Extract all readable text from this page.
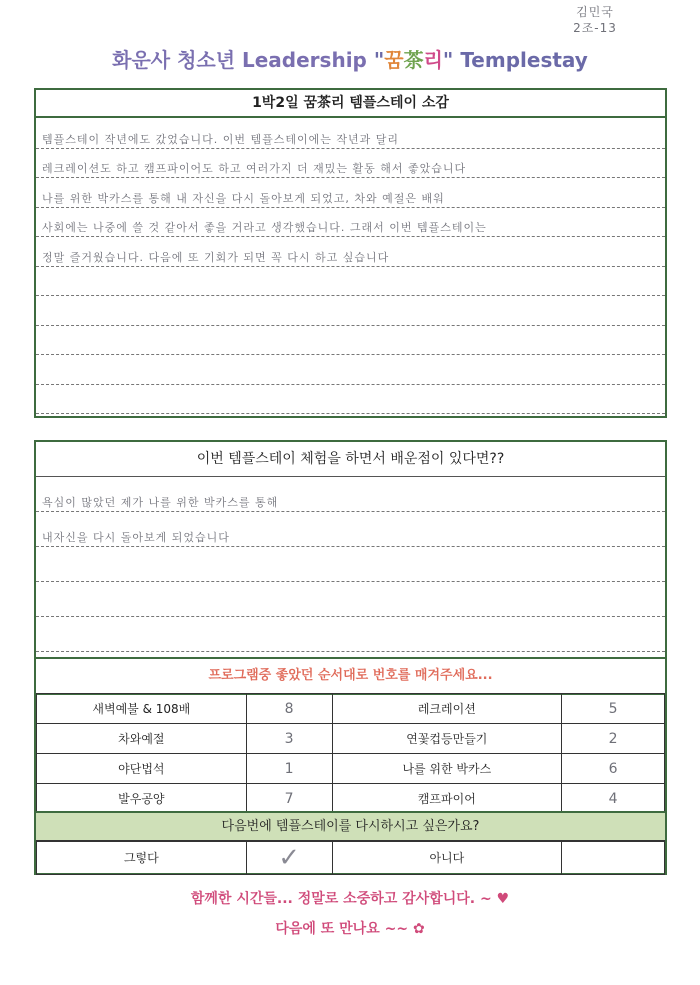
김민국
2조-13
화운사 청소년 Leadership "꿈茶리" Templestay
1박2일 꿈茶리 템플스테이 소감
템플스테이 작년에도 갔었습니다. 이번 템플스테이에는 작년과 달리
레크레이션도 하고 캠프파이어도 하고 여러가지 더 재밌는 활동 해서 좋았습니다
나를 위한 박카스를 통해 내 자신을 다시 돌아보게 되었고, 차와 예절은 배워
사회에는 나중에 쓸 것 같아서 좋을 거라고 생각했습니다. 그래서 이번 템플스테이는
정말 즐거웠습니다. 다음에 또 기회가 되면 꼭 다시 하고 싶습니다
이번 템플스테이 체험을 하면서 배운점이 있다면??
욕심이 많았던 제가 나를 위한 박카스를 통해
내자신을 다시 돌아보게 되었습니다
프로그램중 좋았던 순서대로 번호를 매겨주세요...
새벽예불 & 108배	8	레크레이션	5
차와예절	3	연꽃컵등만들기	2
야단법석	1	나를 위한 박카스	6
발우공양	7	캠프파이어	4
다음번에 템플스테이를 다시하시고 싶은가요?
그렇다	✓	아니다	
함께한 시간들... 정말로 소중하고 감사합니다. ~ ♥
다음에 또 만나요 ~~ ✿
